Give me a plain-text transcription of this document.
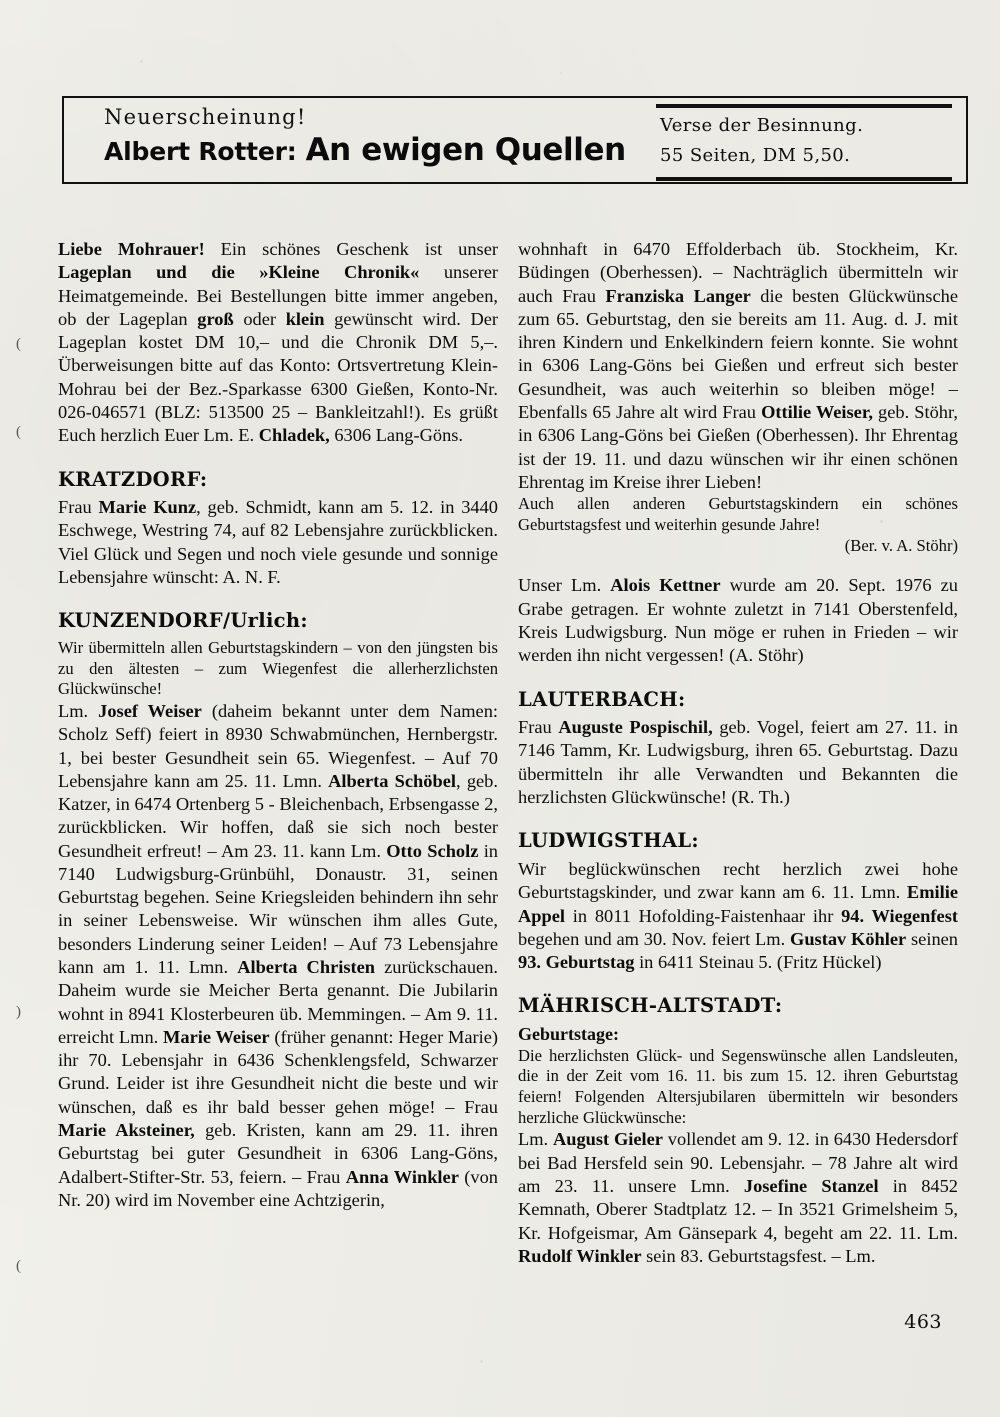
(
(
)
(
Neuerscheinung!
Albert Rotter: An ewigen Quellen
Verse der Besinnung.
55 Seiten, DM 5,50.

Liebe Mohrauer! Ein schönes Geschenk ist unser Lageplan und die »Kleine Chronik« unserer Heimatgemeinde. Bei Bestellungen bitte immer angeben, ob der Lageplan groß oder klein gewünscht wird. Der Lageplan kostet DM 10,– und die Chronik DM 5,–. Überweisungen bitte auf das Konto: Ortsvertretung Klein-Mohrau bei der Bez.-Sparkasse 6300 Gießen, Konto-Nr. 026-046571 (BLZ: 513500 25 – Bankleitzahl!). Es grüßt Euch herzlich Euer Lm. E. Chladek, 6306 Lang-Göns.

KRATZDORF:

Frau Marie Kunz, geb. Schmidt, kann am 5. 12. in 3440 Eschwege, Westring 74, auf 82 Lebensjahre zurückblicken. Viel Glück und Segen und noch viele gesunde und sonnige Lebensjahre wünscht: A. N. F.

KUNZENDORF/Urlich:

Wir übermitteln allen Geburtstagskindern – von den jüngsten bis zu den ältesten – zum Wiegenfest die allerherzlichsten Glückwünsche!

Lm. Josef Weiser (daheim bekannt unter dem Namen: Scholz Seff) feiert in 8930 Schwabmünchen, Hernbergstr. 1, bei bester Gesundheit sein 65. Wiegenfest. – Auf 70 Lebensjahre kann am 25. 11. Lmn. Alberta Schöbel, geb. Katzer, in 6474 Ortenberg 5 - Bleichenbach, Erbsengasse 2, zurückblicken. Wir hoffen, daß sie sich noch bester Gesundheit erfreut! – Am 23. 11. kann Lm. Otto Scholz in 7140 Ludwigsburg-Grünbühl, Donaustr. 31, seinen Geburtstag begehen. Seine Kriegsleiden behindern ihn sehr in seiner Lebensweise. Wir wünschen ihm alles Gute, besonders Linderung seiner Leiden! – Auf 73 Lebensjahre kann am 1. 11. Lmn. Alberta Christen zurückschauen. Daheim wurde sie Meicher Berta genannt. Die Jubilarin wohnt in 8941 Klosterbeuren üb. Memmingen. – Am 9. 11. erreicht Lmn. Marie Weiser (früher genannt: Heger Marie) ihr 70. Lebensjahr in 6436 Schenklengsfeld, Schwarzer Grund. Leider ist ihre Gesundheit nicht die beste und wir wünschen, daß es ihr bald besser gehen möge! – Frau Marie Aksteiner, geb. Kristen, kann am 29. 11. ihren Geburtstag bei guter Gesundheit in 6306 Lang-Göns, Adalbert-Stifter-Str. 53, feiern. – Frau Anna Winkler (von Nr. 20) wird im November eine Achtzigerin,

wohnhaft in 6470 Effolderbach üb. Stockheim, Kr. Büdingen (Oberhessen). – Nachträglich übermitteln wir auch Frau Franziska Langer die besten Glückwünsche zum 65. Geburtstag, den sie bereits am 11. Aug. d. J. mit ihren Kindern und Enkelkindern feiern konnte. Sie wohnt in 6306 Lang-Göns bei Gießen und erfreut sich bester Gesundheit, was auch weiterhin so bleiben möge! – Ebenfalls 65 Jahre alt wird Frau Ottilie Weiser, geb. Stöhr, in 6306 Lang-Göns bei Gießen (Oberhessen). Ihr Ehrentag ist der 19. 11. und dazu wünschen wir ihr einen schönen Ehrentag im Kreise ihrer Lieben!

Auch allen anderen Geburtstagskindern ein schönes Geburtstagsfest und weiterhin gesunde Jahre!

(Ber. v. A. Stöhr)

Unser Lm. Alois Kettner wurde am 20. Sept. 1976 zu Grabe getragen. Er wohnte zuletzt in 7141 Oberstenfeld, Kreis Ludwigsburg. Nun möge er ruhen in Frieden – wir werden ihn nicht vergessen! (A. Stöhr)

LAUTERBACH:

Frau Auguste Pospischil, geb. Vogel, feiert am 27. 11. in 7146 Tamm, Kr. Ludwigsburg, ihren 65. Geburtstag. Dazu übermitteln ihr alle Verwandten und Bekannten die herzlichsten Glückwünsche! (R. Th.)

LUDWIGSTHAL:

Wir beglückwünschen recht herzlich zwei hohe Geburtstagskinder, und zwar kann am 6. 11. Lmn. Emilie Appel in 8011 Hofolding-Faistenhaar ihr 94. Wiegenfest begehen und am 30. Nov. feiert Lm. Gustav Köhler seinen 93. Geburtstag in 6411 Steinau 5. (Fritz Hückel)

MÄHRISCH-ALTSTADT:
Geburtstage:

Die herzlichsten Glück- und Segenswünsche allen Landsleuten, die in der Zeit vom 16. 11. bis zum 15. 12. ihren Geburtstag feiern! Folgenden Altersjubilaren übermitteln wir besonders herzliche Glückwünsche:

Lm. August Gieler vollendet am 9. 12. in 6430 Hedersdorf bei Bad Hersfeld sein 90. Lebensjahr. – 78 Jahre alt wird am 23. 11. unsere Lmn. Josefine Stanzel in 8452 Kemnath, Oberer Stadtplatz 12. – In 3521 Grimelsheim 5, Kr. Hofgeismar, Am Gänsepark 4, begeht am 22. 11. Lm. Rudolf Winkler sein 83. Geburtstagsfest. – Lm.

463
